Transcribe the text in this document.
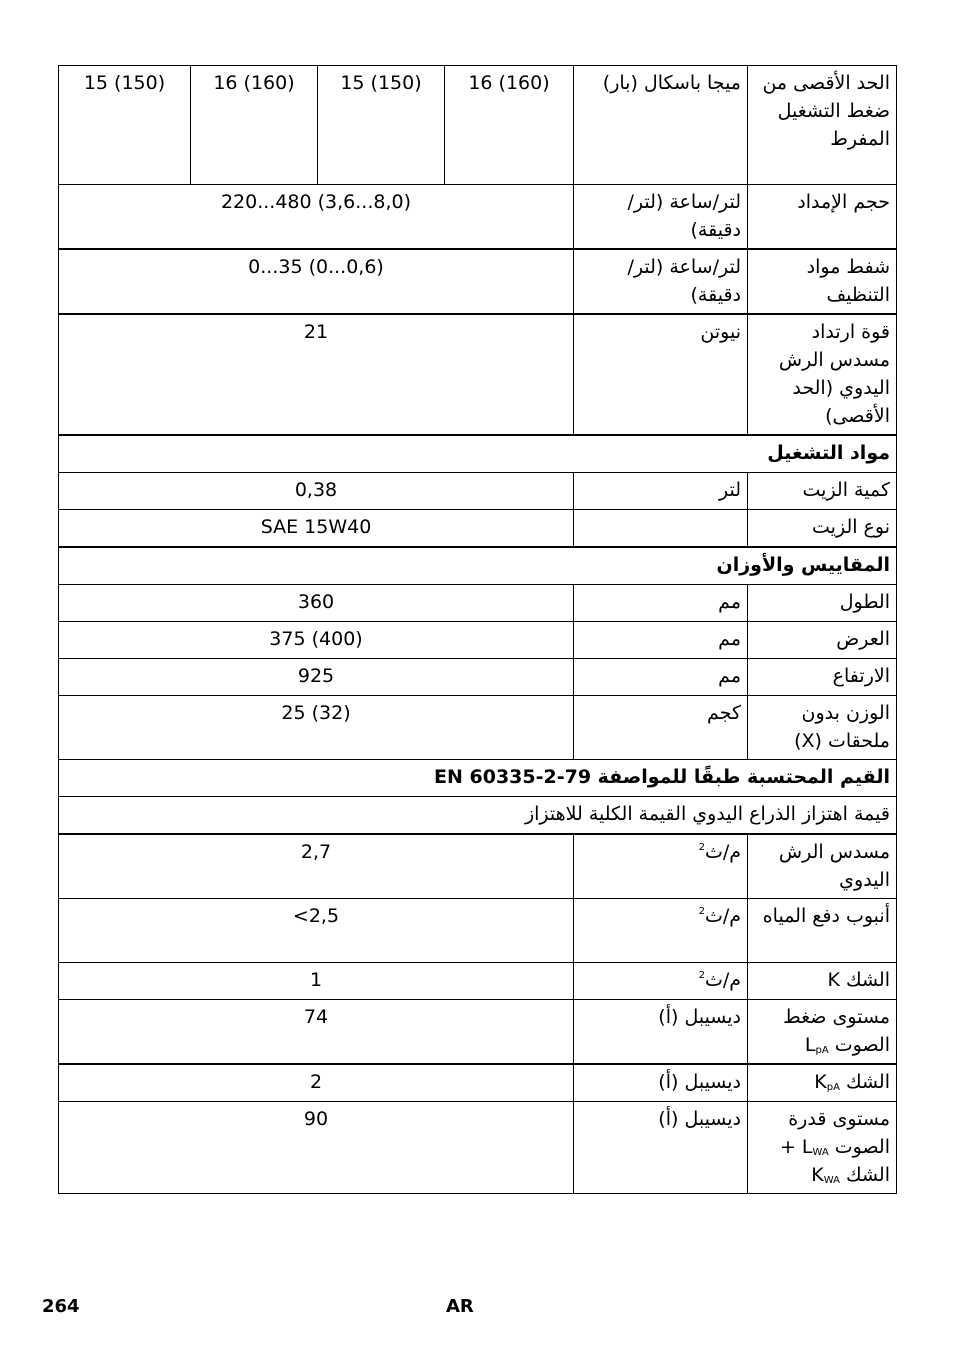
الحد الأقصى من ضغط التشغيل المفرط	ميجا باسكال (بار)	16 (160)	15 (150)	16 (160)	15 (150)
حجم الإمداد	لتر/ساعة (لتر/دقيقة)	220...480 (3,6...8,0)			
شفط مواد التنظيف	لتر/ساعة (لتر/دقيقة)	0...35 (0...0,6)			
قوة ارتداد مسدس الرش اليدوي (الحد الأقصى)	نيوتن	21			
مواد التشغيل					
كمية الزيت	لتر	0,38			
نوع الزيت		SAE 15W40			
المقاييس والأوزان					
الطول	مم	360			
العرض	مم	375 (400)			
الارتفاع	مم	925			
الوزن بدون ملحقات (X)	كجم	25 (32)			
القيم المحتسبة طبقًا للمواصفة EN 60335-2-79					
قيمة اهتزاز الذراع اليدوي القيمة الكلية للاهتزاز					
مسدس الرش اليدوي	م/ث$^2$	2,7			
أنبوب دفع المياه	م/ث$^2$	<2,5			
الشك K	م/ث$^2$	1			
مستوى ضغط الصوت $L_{pA}$	ديسيبل (أ)	74			
الشك $K_{pA}$	ديسيبل (أ)	2			
مستوى قدرة الصوت $L_{WA}$ + الشك $K_{WA}$	ديسيبل (أ)	90			
264	AR
